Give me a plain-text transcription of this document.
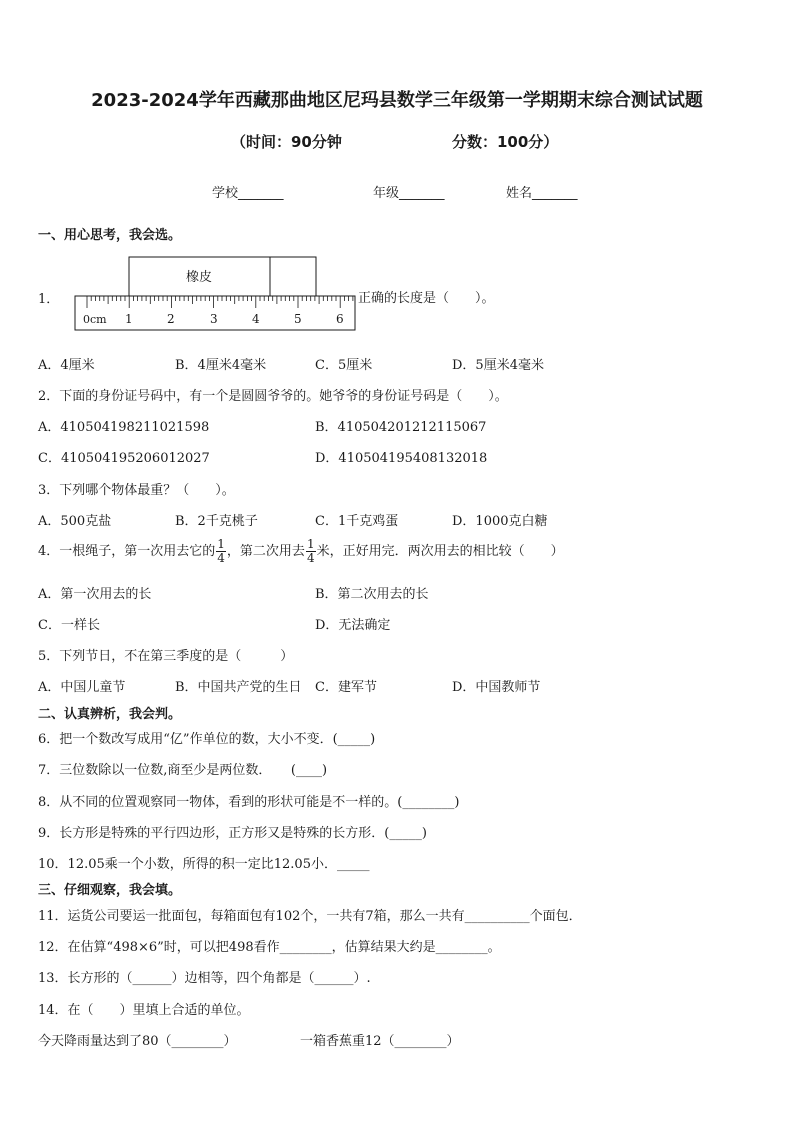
2023-2024学年西藏那曲地区尼玛县数学三年级第一学期期末综合测试试题
（时间：90分钟	分数：100分）
学校_______	年级_______	姓名_______
一、用心思考，我会选。
1．
橡皮
0cm 1	2	3	4	5	6
正确的长度是（　　）。
A．4厘米	B．4厘米4毫米	C．5厘米	D．5厘米4毫米
2．下面的身份证号码中，有一个是圆圆爷爷的。她爷爷的身份证号码是（　　）。
A．410504198211021598	B．410504201212115067
C．410504195206012027	D．410504195408132018
3．下列哪个物体最重？（　　）。
A．500克盐	B．2千克桃子	C．1千克鸡蛋	D．1000克白糖
4．一根绳子，第一次用去它的 $\frac{1}{4}$ ，第二次用去 $\frac{1}{4}$ 米，正好用完．两次用去的相比较（　　）
A．第一次用去的长	B．第二次用去的长
C．一样长	D．无法确定
5．下列节日，不在第三季度的是（　　　）
A．中国儿童节	B．中国共产党的生日 C．建军节	D．中国教师节
二、认真辨析，我会判。
6．把一个数改写成用“亿”作单位的数，大小不变．(_____)
7．三位数除以一位数,商至少是两位数．　　(____)
8．从不同的位置观察同一物体，看到的形状可能是不一样的。(________)
9．长方形是特殊的平行四边形，正方形又是特殊的长方形．(_____)
10．12.05乘一个小数，所得的积一定比12.05小．_____
三、仔细观察，我会填。
11．运货公司要运一批面包，每箱面包有102个，一共有7箱，那么一共有__________个面包．
12．在估算“498×6”时，可以把498看作________，估算结果大约是________。
13．长方形的（______）边相等，四个角都是（______）.
14．在（　　）里填上合适的单位。
今天降雨量达到了80（________）	一箱香蕉重12（________）
